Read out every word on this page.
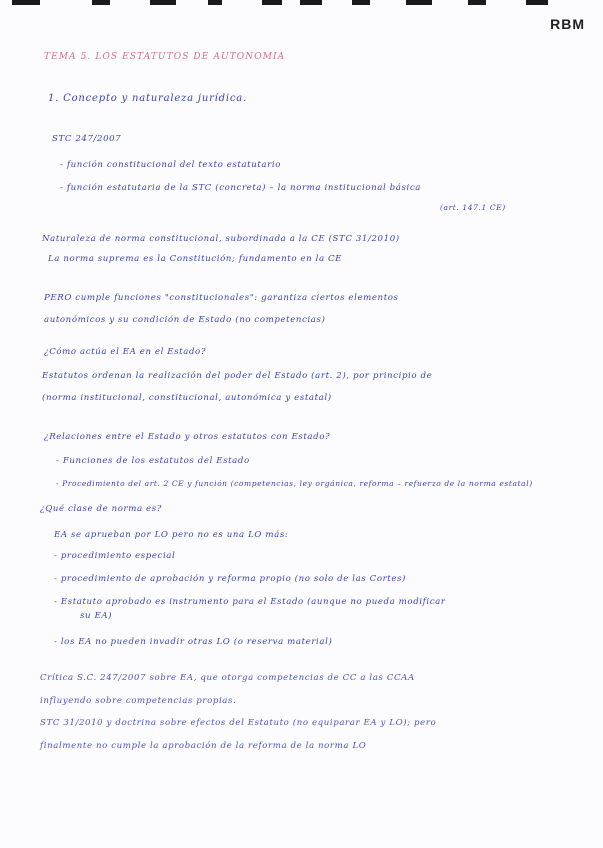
RBM
TEMA 5. LOS ESTATUTOS DE AUTONOMIA
1. Concepto y naturaleza jurídica.
STC 247/2007
- función constitucional del texto estatutario
- función estatutaria de la STC (concreta) – la norma institucional básica
(art. 147.1 CE)
Naturaleza de norma constitucional, subordinada a la CE (STC 31/2010)
La norma suprema es la Constitución; fundamento en la CE
PERO cumple funciones "constitucionales": garantiza ciertos elementos
autonómicos y su condición de Estado (no competencias)
¿Cómo actúa el EA en el Estado?
Estatutos ordenan la realización del poder del Estado (art. 2), por principio de
(norma institucional, constitucional, autonómica y estatal)
¿Relaciones entre el Estado y otros estatutos con Estado?
- Funciones de los estatutos del Estado
- Procedimiento del art. 2 CE y función (competencias, ley orgánica, reforma – refuerzo de la norma estatal)
¿Qué clase de norma es?
EA se aprueban por LO pero no es una LO más:
- procedimiento especial
- procedimiento de aprobación y reforma propio (no solo de las Cortes)
- Estatuto aprobado es instrumento para el Estado (aunque no pueda modificar
su EA)
- los EA no pueden invadir otras LO (o reserva material)
Crítica S.C. 247/2007 sobre EA, que otorga competencias de CC a las CCAA
influyendo sobre competencias propias.
STC 31/2010 y doctrina sobre efectos del Estatuto (no equiparar EA y LO); pero
finalmente no cumple la aprobación de la reforma de la norma LO
